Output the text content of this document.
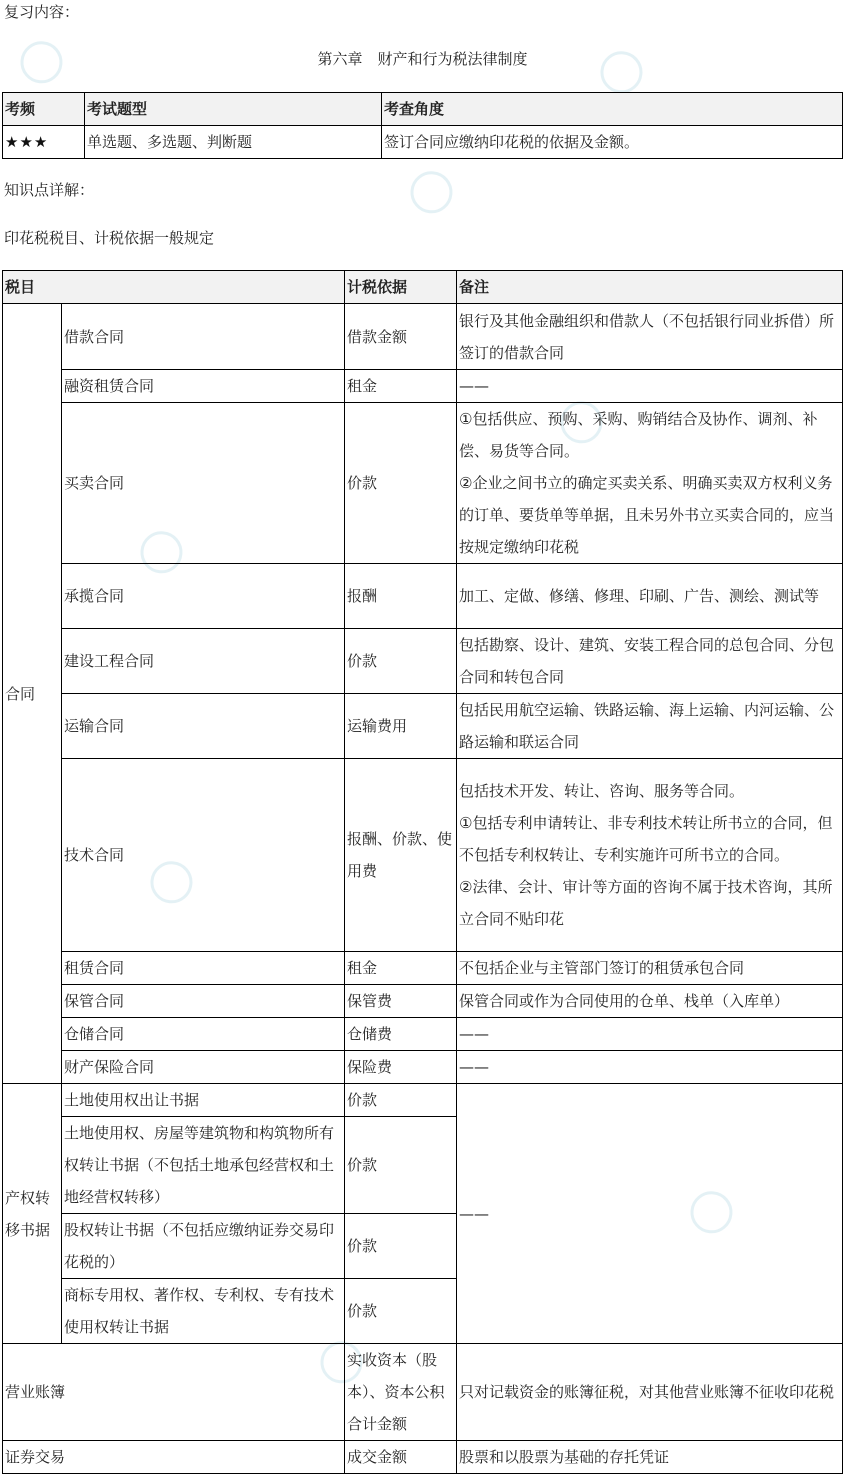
复习内容：
第六章　财产和行为税法律制度
考频	考试题型	考查角度
★★★	单选题、多选题、判断题	签订合同应缴纳印花税的依据及金额。
知识点详解：
印花税税目、计税依据一般规定
税目		计税依据	备注
合同	借款合同	借款金额	银行及其他金融组织和借款人（不包括银行同业拆借）所签订的借款合同
	融资租赁合同	租金	——
	买卖合同	价款	①包括供应、预购、采购、购销结合及协作、调剂、补偿、易货等合同。
②企业之间书立的确定买卖关系、明确买卖双方权利义务的订单、要货单等单据，且未另外书立买卖合同的，应当按规定缴纳印花税

	承揽合同	报酬	加工、定做、修缮、修理、印刷、广告、测绘、测试等
	建设工程合同	价款	包括勘察、设计、建筑、安装工程合同的总包合同、分包合同和转包合同
	运输合同	运输费用	包括民用航空运输、铁路运输、海上运输、内河运输、公路运输和联运合同
	技术合同	报酬、价款、使用费	包括技术开发、转让、咨询、服务等合同。
①包括专利申请转让、非专利技术转让所书立的合同，但不包括专利权转让、专利实施许可所书立的合同。
②法律、会计、审计等方面的咨询不属于技术咨询，其所立合同不贴印花

	租赁合同	租金	不包括企业与主管部门签订的租赁承包合同
	保管合同	保管费	保管合同或作为合同使用的仓单、栈单（入库单）
	仓储合同	仓储费	——
	财产保险合同	保险费	——
产权转移书据	土地使用权出让书据	价款	——
	土地使用权、房屋等建筑物和构筑物所有权转让书据（不包括土地承包经营权和土地经营权转移）	价款	
	股权转让书据（不包括应缴纳证券交易印花税的）	价款	
	商标专用权、著作权、专利权、专有技术使用权转让书据	价款	
营业账簿		实收资本（股本）、资本公积合计金额	只对记载资金的账簿征税，对其他营业账簿不征收印花税
证券交易		成交金额	股票和以股票为基础的存托凭证
